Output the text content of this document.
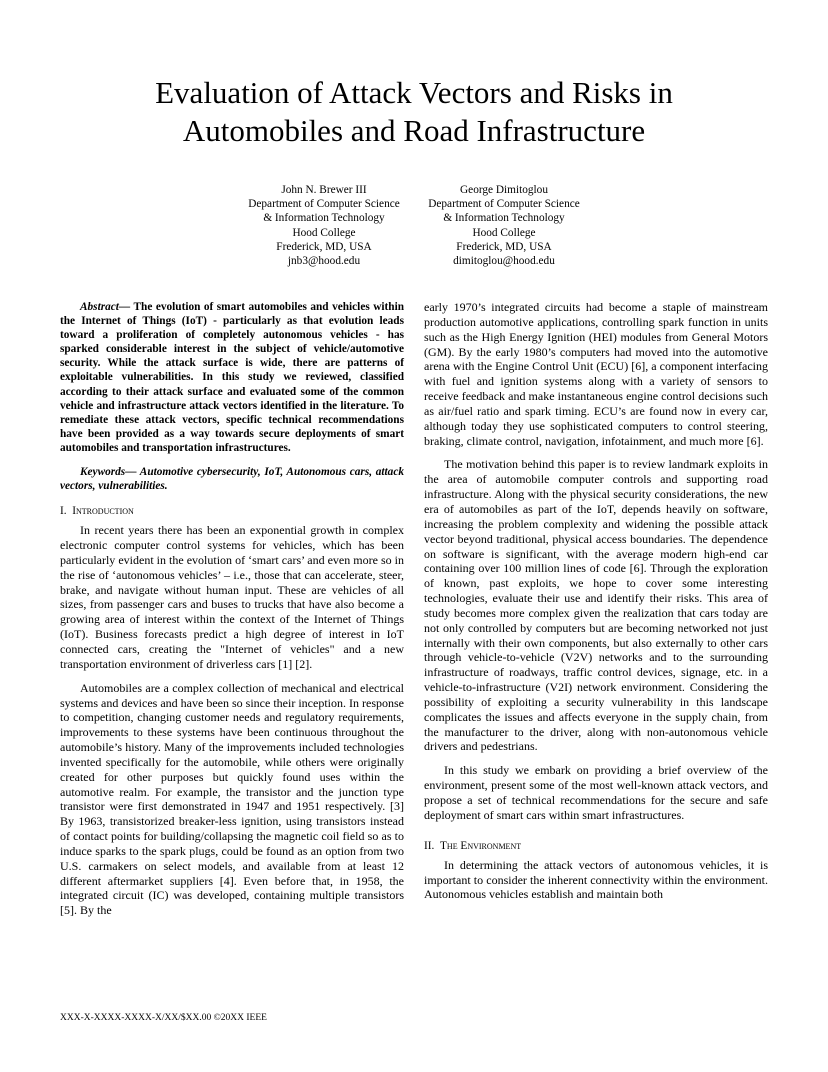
Evaluation of Attack Vectors and Risks in
Automobiles and Road Infrastructure
John N. Brewer III
Department of Computer Science
& Information Technology
Hood College
Frederick, MD, USA
jnb3@hood.edu
George Dimitoglou
Department of Computer Science
& Information Technology
Hood College
Frederick, MD, USA
dimitoglou@hood.edu

Abstract— The evolution of smart automobiles and vehicles within the Internet of Things (IoT) - particularly as that evolution leads toward a proliferation of completely autonomous vehicles - has sparked considerable interest in the subject of vehicle/automotive security. While the attack surface is wide, there are patterns of exploitable vulnerabilities. In this study we reviewed, classified according to their attack surface and evaluated some of the common vehicle and infrastructure attack vectors identified in the literature. To remediate these attack vectors, specific technical recommendations have been provided as a way towards secure deployments of smart automobiles and transportation infrastructures.

Keywords— Automotive cybersecurity, IoT, Autonomous cars, attack vectors, vulnerabilities.

I. Introduction

In recent years there has been an exponential growth in complex electronic computer control systems for vehicles, which has been particularly evident in the evolution of ‘smart cars’ and even more so in the rise of ‘autonomous vehicles’ – i.e., those that can accelerate, steer, brake, and navigate without human input. These are vehicles of all sizes, from passenger cars and buses to trucks that have also become a growing area of interest within the context of the Internet of Things (IoT). Business forecasts predict a high degree of interest in IoT connected cars, creating the "Internet of vehicles" and a new transportation environment of driverless cars [1] [2].

Automobiles are a complex collection of mechanical and electrical systems and devices and have been so since their inception. In response to competition, changing customer needs and regulatory requirements, improvements to these systems have been continuous throughout the automobile’s history. Many of the improvements included technologies invented specifically for the automobile, while others were originally created for other purposes but quickly found uses within the automotive realm. For example, the transistor and the junction type transistor were first demonstrated in 1947 and 1951 respectively. [3] By 1963, transistorized breaker-less ignition, using transistors instead of contact points for building/collapsing the magnetic coil field so as to induce sparks to the spark plugs, could be found as an option from two U.S. carmakers on select models, and available from at least 12 different aftermarket suppliers [4]. Even before that, in 1958, the integrated circuit (IC) was developed, containing multiple transistors [5]. By the

early 1970’s integrated circuits had become a staple of mainstream production automotive applications, controlling spark function in units such as the High Energy Ignition (HEI) modules from General Motors (GM). By the early 1980’s computers had moved into the automotive arena with the Engine Control Unit (ECU) [6], a component interfacing with fuel and ignition systems along with a variety of sensors to receive feedback and make instantaneous engine control decisions such as air/fuel ratio and spark timing. ECU’s are found now in every car, although today they use sophisticated computers to control steering, braking, climate control, navigation, infotainment, and much more [6].

The motivation behind this paper is to review landmark exploits in the area of automobile computer controls and supporting road infrastructure. Along with the physical security considerations, the new era of automobiles as part of the IoT, depends heavily on software, increasing the problem complexity and widening the possible attack vector beyond traditional, physical access boundaries. The dependence on software is significant, with the average modern high-end car containing over 100 million lines of code [6]. Through the exploration of known, past exploits, we hope to cover some interesting technologies, evaluate their use and identify their risks. This area of study becomes more complex given the realization that cars today are not only controlled by computers but are becoming networked not just internally with their own components, but also externally to other cars through vehicle-to-vehicle (V2V) networks and to the surrounding infrastructure of roadways, traffic control devices, signage, etc. in a vehicle-to-infrastructure (V2I) network environment. Considering the possibility of exploiting a security vulnerability in this landscape complicates the issues and affects everyone in the supply chain, from the manufacturer to the driver, along with non-autonomous vehicle drivers and pedestrians.

In this study we embark on providing a brief overview of the environment, present some of the most well-known attack vectors, and propose a set of technical recommendations for the secure and safe deployment of smart cars within smart infrastructures.

II. The Environment

In determining the attack vectors of autonomous vehicles, it is important to consider the inherent connectivity within the environment. Autonomous vehicles establish and maintain both

XXX-X-XXXX-XXXX-X/XX/$XX.00 ©20XX IEEE
